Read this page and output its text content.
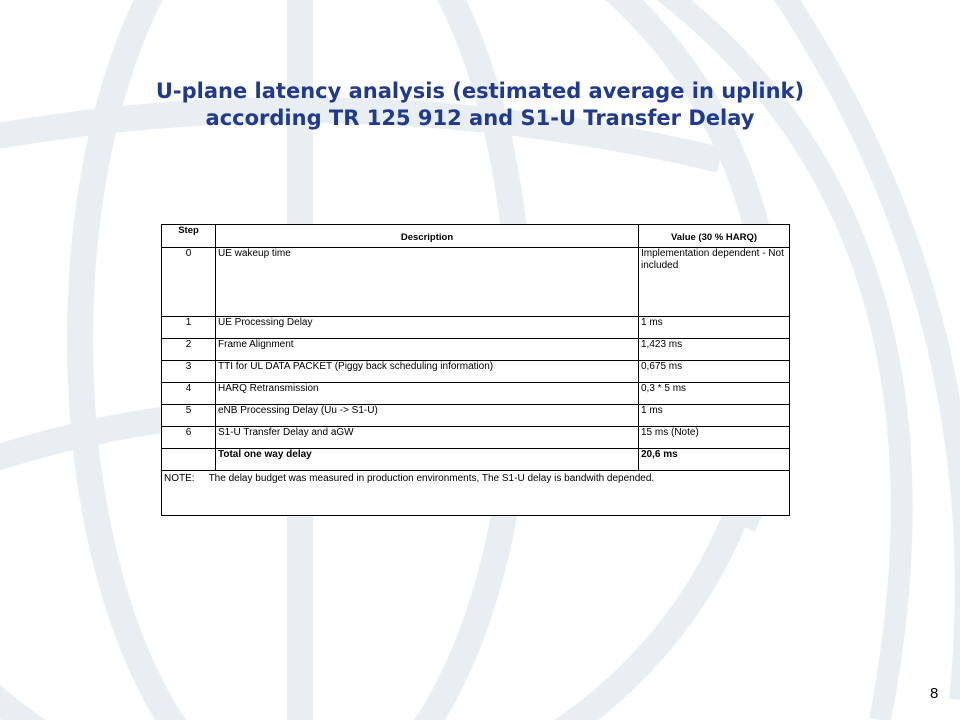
U-plane latency analysis (estimated average in uplink)
according TR 125 912 and S1-U Transfer Delay
Step	Description	Value (30 % HARQ)
0	UE wakeup time	Implementation dependent - Not included
1	UE Processing Delay	1 ms
2	Frame Alignment	1,423 ms
3	TTI for UL DATA PACKET (Piggy back scheduling information)	0,675 ms
4	HARQ Retransmission	0,3 * 5 ms
5	eNB Processing Delay (Uu -> S1-U)	1 ms
6	S1-U Transfer Delay and aGW	15 ms (Note)
	Total one way delay	20,6 ms
NOTE: The delay budget was measured in production environments, The S1-U delay is bandwith depended.		
8
